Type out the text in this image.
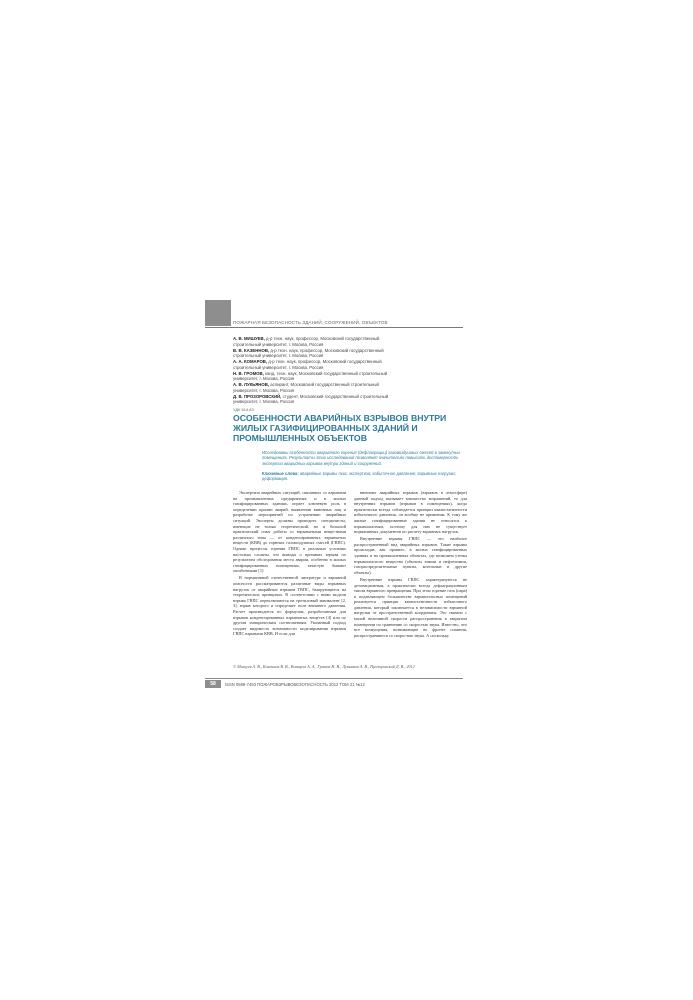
ПОЖАРНАЯ БЕЗОПАСНОСТЬ ЗДАНИЙ, СООРУЖЕНИЙ, ОБЪЕКТОВ
А. В. МИШУЕВ, д-р техн. наук, профессор, Московский государственный строительный университет, г. Москва, Россия
В. В. КАЗЕННОВ, д-р техн. наук, профессор, Московский государственный строительный университет, г. Москва, Россия
А. А. КОМАРОВ, д-р техн. наук, профессор, Московский государственный строительный университет, г. Москва, Россия
Н. В. ГРОМОВ, канд. техн. наук, Московский государственный строительный университет, г. Москва, Россия
А. В. ЛУКЬЯНОВ, аспирант, Московский государственный строительный университет, г. Москва, Россия
Д. В. ПРОЗОРОВСКИЙ, студент, Московский государственный строительный университет, г. Москва, Россия
УДК 614.83
ОСОБЕННОСТИ АВАРИЙНЫХ ВЗРЫВОВ ВНУТРИ ЖИЛЫХ ГАЗИФИЦИРОВАННЫХ ЗДАНИЙ И ПРОМЫШЛЕННЫХ ОБЪЕКТОВ
Исследованы особенности аварийного горения (дефлаграции) газовоздушных смесей в замкнутых помещениях. Результаты этих исследований позволяют значительно повысить достоверность экспертиз аварийных взрывов внутри зданий и сооружений.
Ключевые слова: аварийные взрывы газа; экспертиза; избыточное давление; взрывные нагрузки; деформация.

Экспертиза аварийных ситуаций, связанных со взрывами на промышленных предприятиях и в жилых газифицированных зданиях, играет ключевую роль в определении причин аварий, выявлении виновных лиц и разработке мероприятий по устранению аварийных ситуаций. Эксперты должны проводить специалисты, имеющие не только теоретический, но и большой практический опыт работы со взрывчатыми веществами различного типа — от конденсированных взрывчатых веществ (КВВ) до горючих газовоздушных смесей (ГВПС). Однако процессы горения ГВПС в реальных условиях настолько сложны, что выводы о причинах взрыва по результатам обследования места аварии, особенно в жилых газифицированных помещениях, зачастую бывают ошибочными [1].

В нормативной отечественной литературе и взрывной опасности рассматриваются различные виды взрывных нагрузок от аварийных взрывов ГВПС, базирующиеся на теоретических принципах. В соответствии с ними модели взрыва ГВПС переключаются на тротиловый эквивалент [2, 3], взрыв которого и определяет поле внешнего давления. Расчет производится по формулам, разработанным для взрывов конденсированных взрывчатых веществ [4] или по другим эмпирическим соотношениям. Указанный подход создает видимость возможности моделирования взрывов ГВПС взрывами КВВ. И если для

внешних аварийных взрывов (взрывов в атмосфере) данный подход вызывает множество возражений, то для внутренних взрывов (взрывов в помещениях), когда практически всегда соблюдается принцип квазистатичности избыточного давления, он вообще не применим. К тому же жилые газифицированные здания не относятся к взрывоопасным, поэтому для них не существует нормативных документов по расчету взрывных нагрузок.

Внутренние взрывы ГВПС — это наиболее распространенный вид аварийных взрывов. Такие взрывы происходят, как правило, в жилых газифицированных зданиях и на промышленных объектах, где возможна утечка взрывоопасного вещества (объекты химии и нефтехимии, газораспределительные пункты, котельные и другие объекты).

Внутренние взрывы ГВПС характеризуются не детонационным, а практически всегда дефлаграционным типом взрывного превращения. При этом горение газа (пара) в подавляющем большинстве взрывоопасных помещений реализуется принцип квазистатичности избыточного давления, который заключается в независимости взрывной нагрузки от пространственной координаты. Это связано с малой величиной скорости распространения в закрытом помещении по сравнению со скоростью звука. Известно, что все возмущения, возникающие во фронте пламени, распространяются со скоростью звука. А поскольку

© Мишуев А. В., Казеннов В. В., Комаров А. А., Громов Н. В., Лукьянов А. В., Прозоровский Д. В., 2012
58	ISSN 0869-7493 ПОЖАРОВЗРЫВОБЕЗОПАСНОСТЬ 2012 ТОМ 21 №12
